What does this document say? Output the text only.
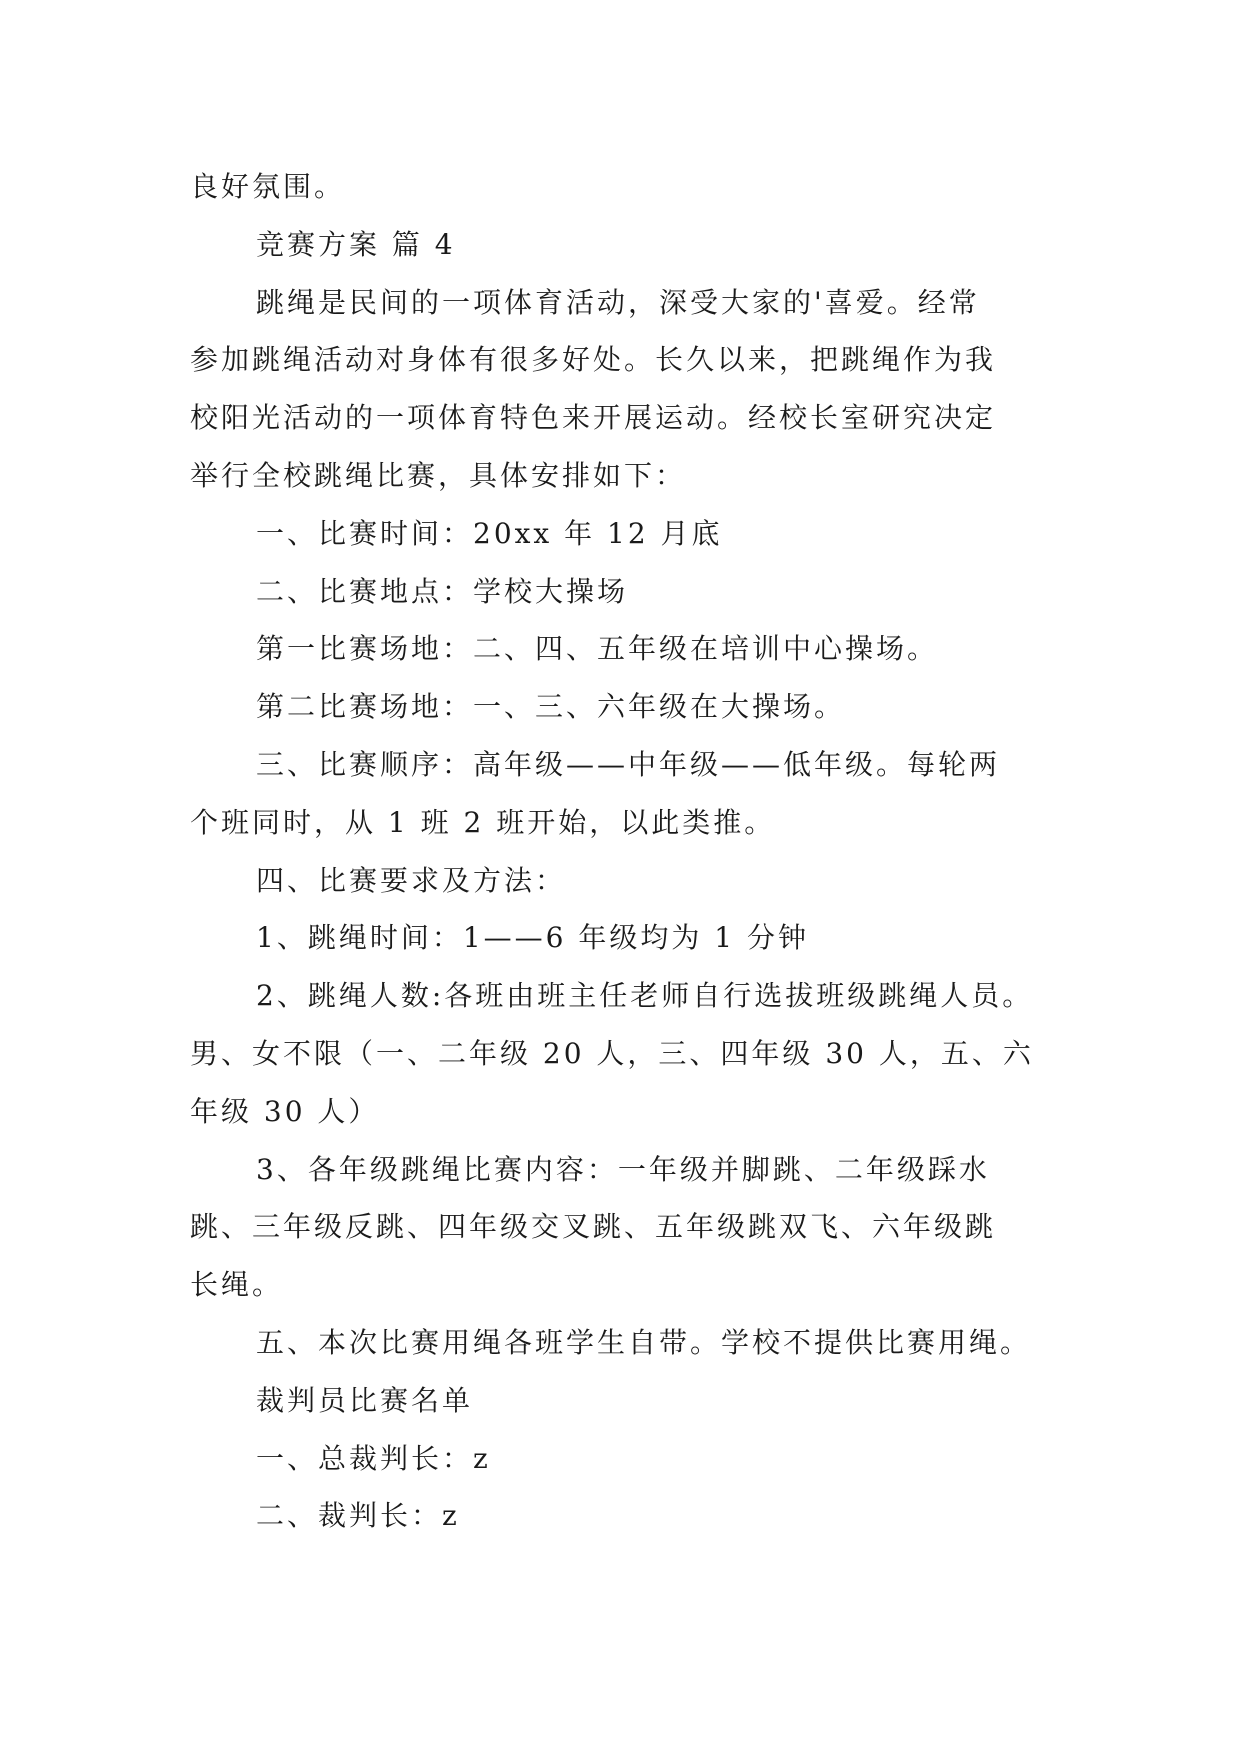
良好氛围。

竞赛方案 篇 4

跳绳是民间的一项体育活动，深受大家的'喜爱。经常

参加跳绳活动对身体有很多好处。长久以来，把跳绳作为我

校阳光活动的一项体育特色来开展运动。经校长室研究决定

举行全校跳绳比赛，具体安排如下：

一、比赛时间：20xx 年 12 月底

二、比赛地点：学校大操场

第一比赛场地：二、四、五年级在培训中心操场。

第二比赛场地：一、三、六年级在大操场。

三、比赛顺序：高年级——中年级——低年级。每轮两

个班同时，从 1 班 2 班开始，以此类推。

四、比赛要求及方法：

1、跳绳时间：1——6 年级均为 1 分钟

2、跳绳人数:各班由班主任老师自行选拔班级跳绳人员。

男、女不限（一、二年级 20 人，三、四年级 30 人，五、六

年级 30 人）

3、各年级跳绳比赛内容：一年级并脚跳、二年级踩水

跳、三年级反跳、四年级交叉跳、五年级跳双飞、六年级跳

长绳。

五、本次比赛用绳各班学生自带。学校不提供比赛用绳。

裁判员比赛名单

一、总裁判长：z

二、裁判长：z
